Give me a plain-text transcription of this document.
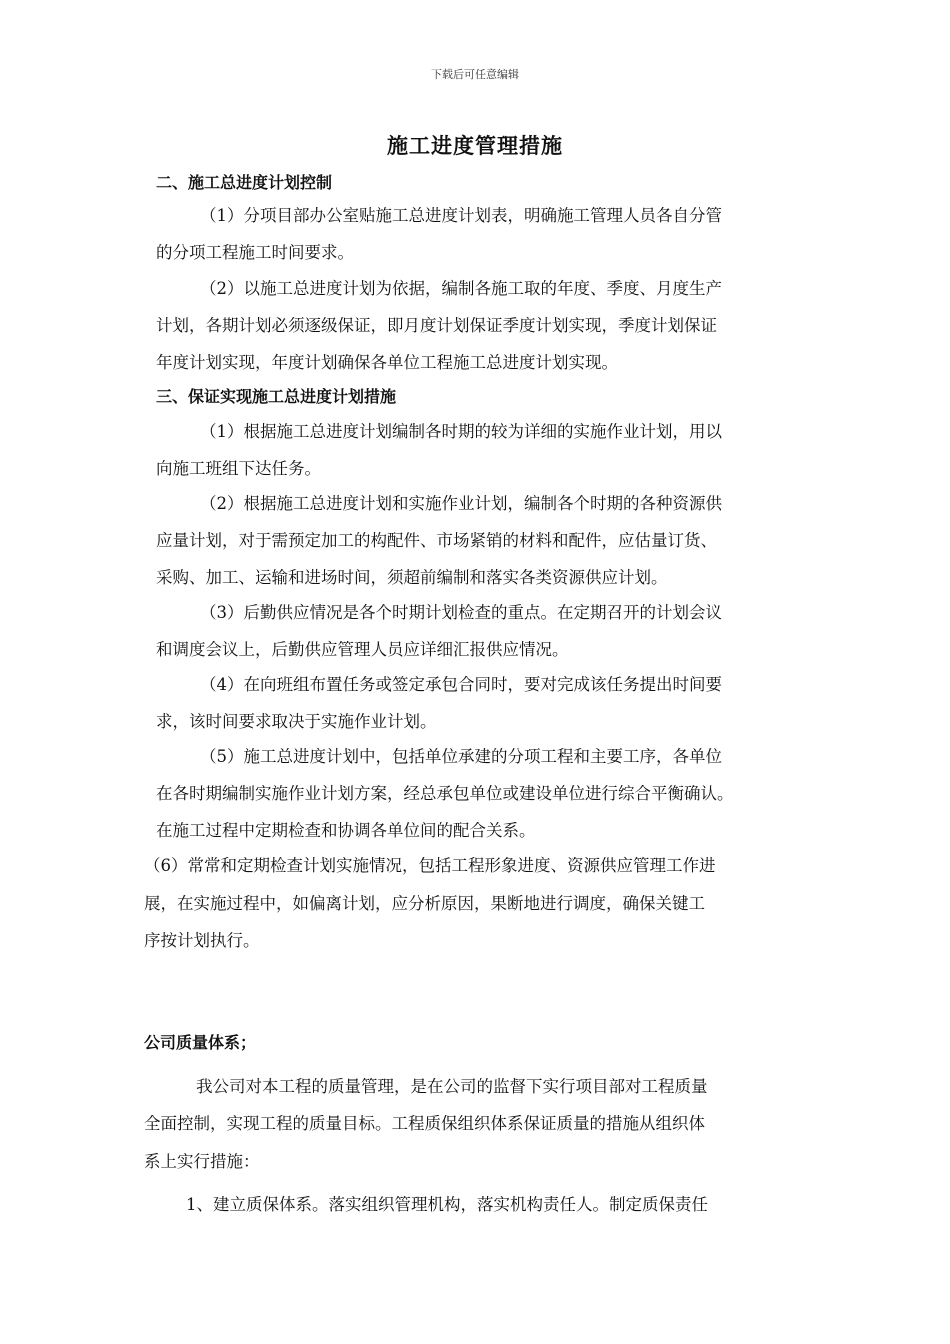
下载后可任意编辑
施工进度管理措施
二、施工总进度计划控制
（1）分项目部办公室贴施工总进度计划表，明确施工管理人员各自分管
的分项工程施工时间要求。
（2）以施工总进度计划为依据，编制各施工取的年度、季度、月度生产
计划，各期计划必须逐级保证，即月度计划保证季度计划实现，季度计划保证
年度计划实现，年度计划确保各单位工程施工总进度计划实现。
三、保证实现施工总进度计划措施
（1）根据施工总进度计划编制各时期的较为详细的实施作业计划，用以
向施工班组下达任务。
（2）根据施工总进度计划和实施作业计划，编制各个时期的各种资源供
应量计划，对于需预定加工的构配件、市场紧销的材料和配件，应估量订货、
采购、加工、运输和进场时间，须超前编制和落实各类资源供应计划。
（3）后勤供应情况是各个时期计划检查的重点。在定期召开的计划会议
和调度会议上，后勤供应管理人员应详细汇报供应情况。
（4）在向班组布置任务或签定承包合同时，要对完成该任务提出时间要
求，该时间要求取决于实施作业计划。
（5）施工总进度计划中，包括单位承建的分项工程和主要工序，各单位
在各时期编制实施作业计划方案，经总承包单位或建设单位进行综合平衡确认。
在施工过程中定期检查和协调各单位间的配合关系。
（6）常常和定期检查计划实施情况，包括工程形象进度、资源供应管理工作进
展，在实施过程中，如偏离计划，应分析原因，果断地进行调度，确保关键工
序按计划执行。
公司质量体系；
我公司对本工程的质量管理，是在公司的监督下实行项目部对工程质量
全面控制，实现工程的质量目标。工程质保组织体系保证质量的措施从组织体
系上实行措施：
1、建立质保体系。落实组织管理机构，落实机构责任人。制定质保责任
